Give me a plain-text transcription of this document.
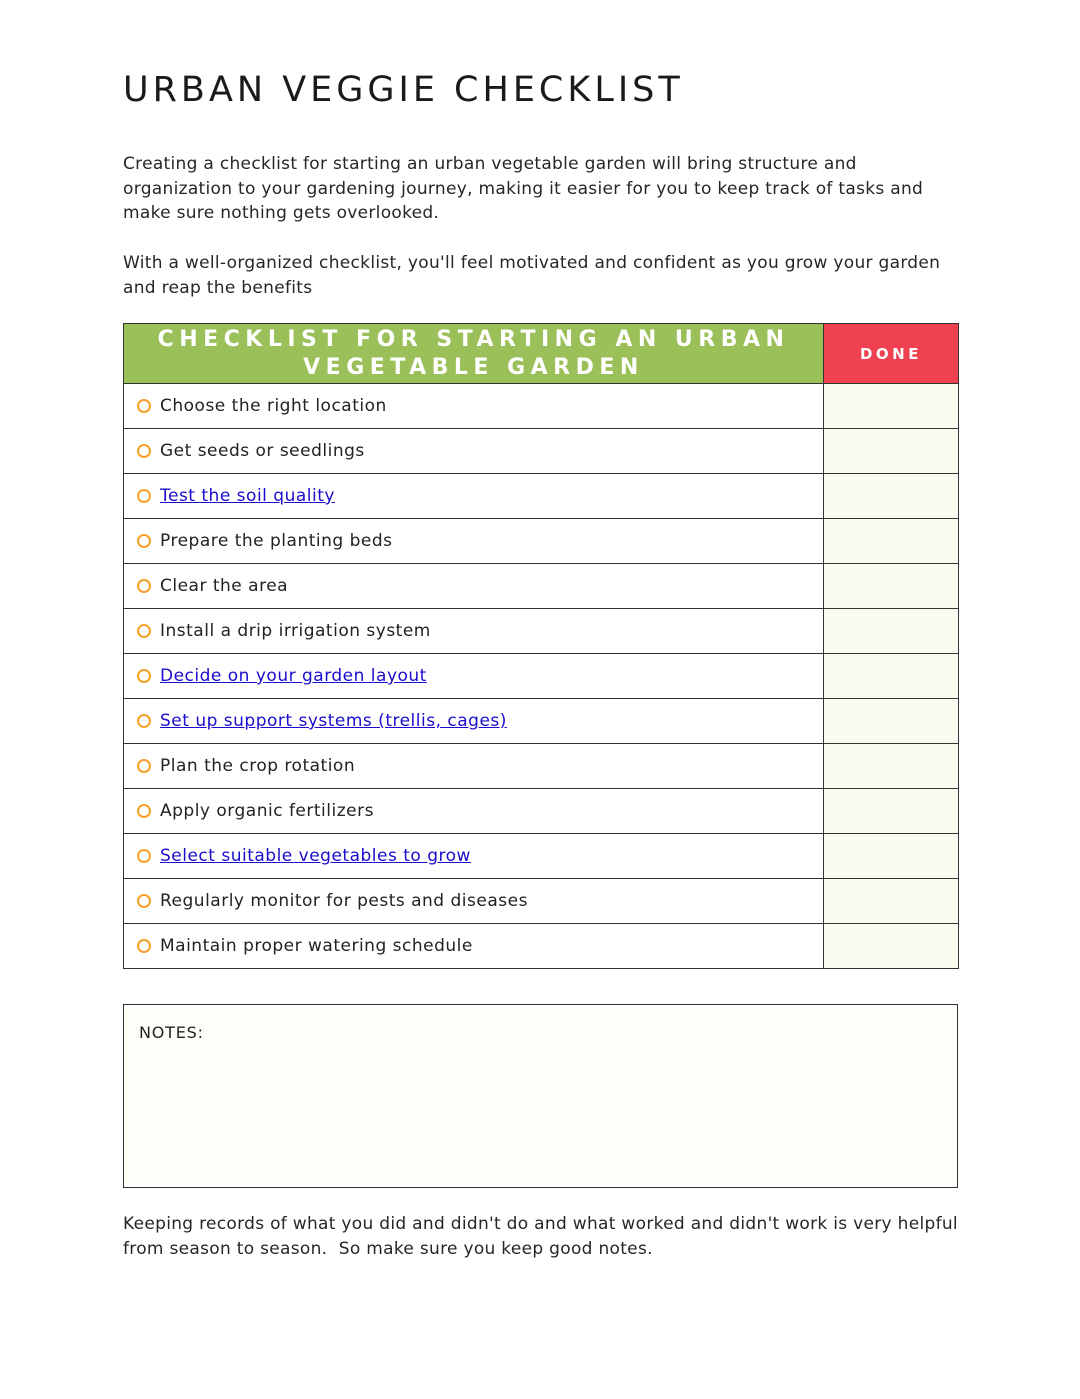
URBAN VEGGIE CHECKLIST

Creating a checklist for starting an urban vegetable garden will bring structure and organization to your gardening journey, making it easier for you to keep track of tasks and make sure nothing gets overlooked.

With a well-organized checklist, you'll feel motivated and confident as you grow your garden and reap the benefits

CHECKLIST FOR STARTING AN URBAN VEGETABLE GARDEN	DONE

Choose the right location	

Get seeds or seedlings	

Test the soil quality	

Prepare the planting beds	

Clear the area	

Install a drip irrigation system	

Decide on your garden layout	

Set up support systems (trellis, cages)	

Plan the crop rotation	

Apply organic fertilizers	

Select suitable vegetables to grow	

Regularly monitor for pests and diseases	

Maintain proper watering schedule	

NOTES:

Keeping records of what you did and didn't do and what worked and didn't work is very helpful from season to season.  So make sure you keep good notes.
